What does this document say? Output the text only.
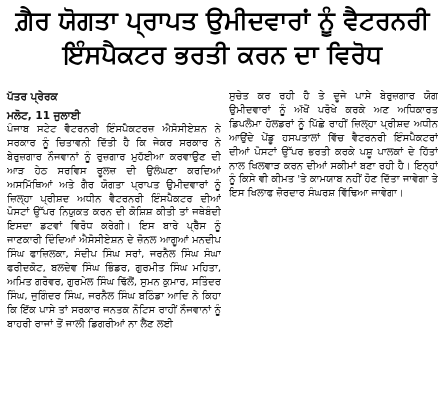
ਗ਼ੈਰ ਯੋਗਤਾ ਪ੍ਰਾਪਤ ਉਮੀਦਵਾਰਾਂ ਨੂੰ ਵੈਟਰਨਰੀ
ਇੰਸਪੈਕਟਰ ਭਰਤੀ ਕਰਨ ਦਾ ਵਿਰੋਧ
ਪੱਤਰ ਪ੍ਰੇਰਕ
ਮਲੋਟ, 11 ਜੁਲਾਈ
ਪੰਜਾਬ ਸਟੇਟ ਵੈਟਰਨਰੀ ਇੰਸਪੈਕਟਰਜ਼ ਐਸੋਸੀਏਸ਼ਨ ਨੇ ਸਰਕਾਰ ਨੂੰ ਚਿਤਾਵਨੀ ਦਿੱਤੀ ਹੈ ਕਿ ਜੇਕਰ ਸਰਕਾਰ ਨੇ ਬੇਰੁਜ਼ਗਾਰ ਨੌਜਵਾਨਾਂ ਨੂੰ ਰੁਜ਼ਗਾਰ ਮੁਹੱਈਆ ਕਰਵਾਉਣ ਦੀ ਆੜ ਹੇਠ ਸਰਵਿਸ ਰੂਲਜ਼ ਦੀ ਉਲੰਘਣਾ ਕਰਦਿਆਂ ਅਸਮਿੱਥਿਆਂ ਅਤੇ ਗੈਰ ਯੋਗਤਾ ਪ੍ਰਾਪਤ ਉਮੀਦਵਾਰਾਂ ਨੂੰ ਜ਼ਿਲ੍ਹਾ ਪ੍ਰੀਸ਼ਦ ਅਧੀਨ ਵੈਟਰਨਰੀ ਇੰਸਪੈਕਟਰ ਦੀਆਂ ਪੋਸਟਾਂ ਉੱਪਰ ਨਿਯੁਕਤ ਕਰਨ ਦੀ ਕੋਸ਼ਿਸ਼ ਕੀਤੀ ਤਾਂ ਜਥੇਬੰਦੀ ਇਸਦਾ ਡਟਵਾਂ ਵਿਰੋਧ ਕਰੇਗੀ। ਇਸ ਬਾਰੇ ਪ੍ਰੈੱਸ ਨੂੰ ਜਾਣਕਾਰੀ ਦਿੰਦਿਆਂ ਐਸੋਸੀਏਸ਼ਨ ਦੇ ਜ਼ੋਨਲ ਆਗੂਆਂ ਮਨਦੀਪ ਸਿੰਘ ਫਾਜ਼ਿਲਕਾ, ਸੰਦੀਪ ਸਿੰਘ ਸਰਾਂ, ਜਰਨੈਲ ਸਿੰਘ ਸੰਘਾ ਫਰੀਦਕੋਟ, ਬਲਦੇਵ ਸਿੰਘ ਭਿੰਡਰ, ਗੁਰਮੀਤ ਸਿੰਘ ਮਹਿਤਾ, ਅਮਿਤ ਗਰੋਵਰ, ਗੁਰਮੇਲ ਸਿੰਘ ਢਿੱਲੋਂ, ਸੁਮਨ ਕੁਮਾਰ, ਸਤਿੰਦਰ ਸਿੰਘ, ਜੁਗਿੰਦਰ ਸਿੰਘ, ਜਰਨੈਲ ਸਿੰਘ ਬਠਿੰਡਾ ਆਦਿ ਨੇ ਕਿਹਾ ਕਿ ਇੱਕ ਪਾਸੇ ਤਾਂ ਸਰਕਾਰ ਜਨਤਕ ਨੋਟਿਸ ਰਾਹੀਂ ਨੌਜਵਾਨਾਂ ਨੂੰ ਬਾਹਰੀ ਰਾਜਾਂ ਤੋਂ ਜਾਲੀ ਡਿਗਰੀਆਂ ਨਾ ਲੈਣ ਲਈ
ਸੁਚੇਤ ਕਰ ਰਹੀ ਹੈ ਤੇ ਦੂਜੇ ਪਾਸੇ ਬੇਰੁਜ਼ਗਾਰ ਯੋਗ ਉਮੀਦਵਾਰਾਂ ਨੂੰ ਅੱਖੋਂ ਪਰੋਖੇ ਕਰਕੇ ਅਣ ਅਧਿਕਾਰਤ ਡਿਪਲੋਮਾ ਹੋਲਡਰਾਂ ਨੂੰ ਪਿੱਛੇ ਰਾਹੀਂ ਜ਼ਿਲ੍ਹਾ ਪ੍ਰੀਸ਼ਦ ਅਧੀਨ ਆਉਂਦੇ ਪੇਂਡੂ ਹਸਪਤਾਲਾਂ ਵਿੱਚ ਵੈਟਰਨਰੀ ਇੰਸਪੈਕਟਰਾਂ ਦੀਆਂ ਪੋਸਟਾਂ ਉੱਪਰ ਭਰਤੀ ਕਰਕੇ ਪਸ਼ੂ ਪਾਲਕਾਂ ਦੇ ਹਿੱਤਾਂ ਨਾਲ ਖਿਲਵਾੜ ਕਰਨ ਦੀਆਂ ਸਕੀਮਾਂ ਬਣਾ ਰਹੀ ਹੈ। ਇਨ੍ਹਾਂ ਨੂੰ ਕਿਸੇ ਵੀ ਕੀਮਤ 'ਤੇ ਕਾਮਯਾਬ ਨਹੀਂ ਹੋਣ ਦਿੱਤਾ ਜਾਵੇਗਾ ਤੇ ਇਸ ਖਿਲਾਫ ਜ਼ੋਰਦਾਰ ਸੰਘਰਸ਼ ਵਿੱਢਿਆ ਜਾਵੇਗਾ।
